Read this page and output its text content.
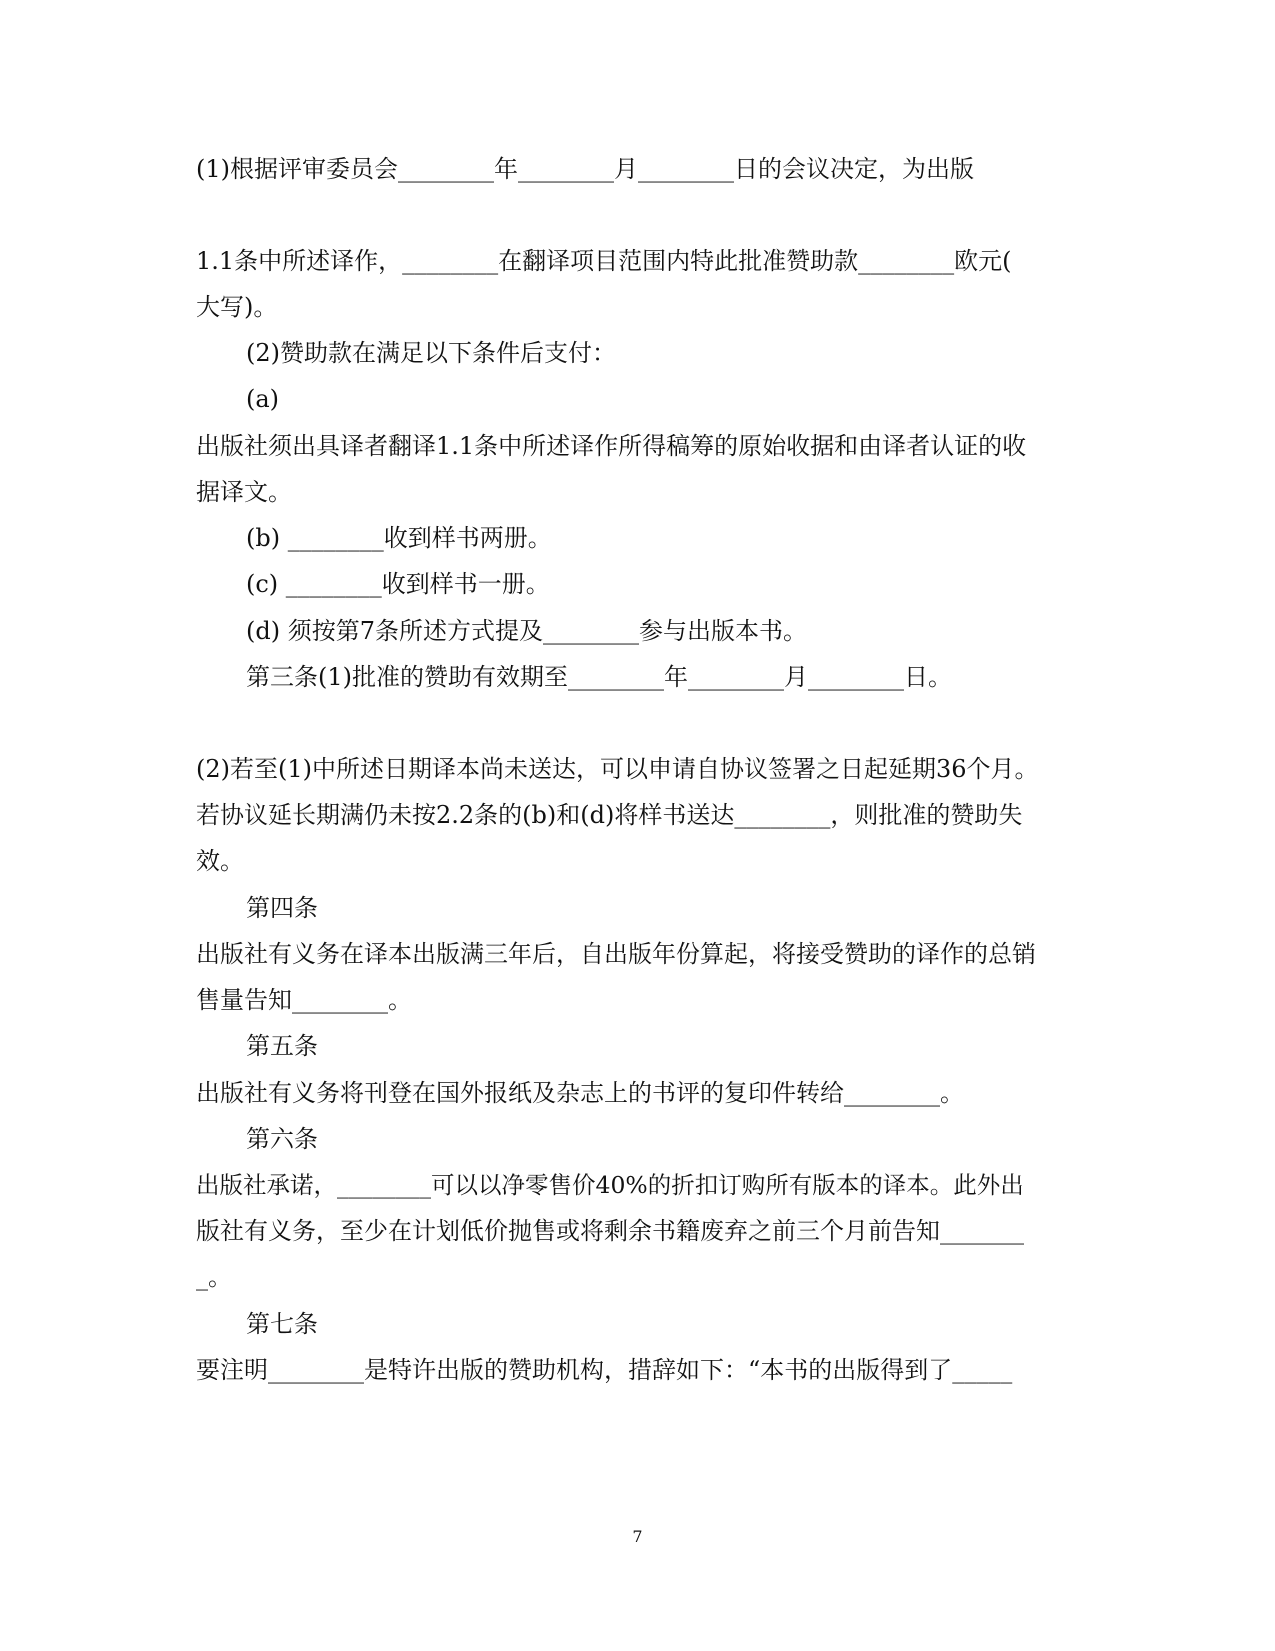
(1)根据评审委员会________年________月________日的会议决定，为出版
1.1条中所述译作，________在翻译项目范围内特此批准赞助款________欧元(
大写)。
(2)赞助款在满足以下条件后支付：
(a)
出版社须出具译者翻译1.1条中所述译作所得稿筹的原始收据和由译者认证的收
据译文。
(b) ________收到样书两册。
(c) ________收到样书一册。
(d) 须按第7条所述方式提及________参与出版本书。
第三条(1)批准的赞助有效期至________年________月________日。
(2)若至(1)中所述日期译本尚未送达，可以申请自协议签署之日起延期36个月。
若协议延长期满仍未按2.2条的(b)和(d)将样书送达________，则批准的赞助失
效。
第四条
出版社有义务在译本出版满三年后，自出版年份算起，将接受赞助的译作的总销
售量告知________。
第五条
出版社有义务将刊登在国外报纸及杂志上的书评的复印件转给________。
第六条
出版社承诺，________可以以净零售价40%的折扣订购所有版本的译本。此外出
版社有义务，至少在计划低价抛售或将剩余书籍废弃之前三个月前告知_______
_。
第七条
要注明________是特许出版的赞助机构，措辞如下：“本书的出版得到了_____
7
